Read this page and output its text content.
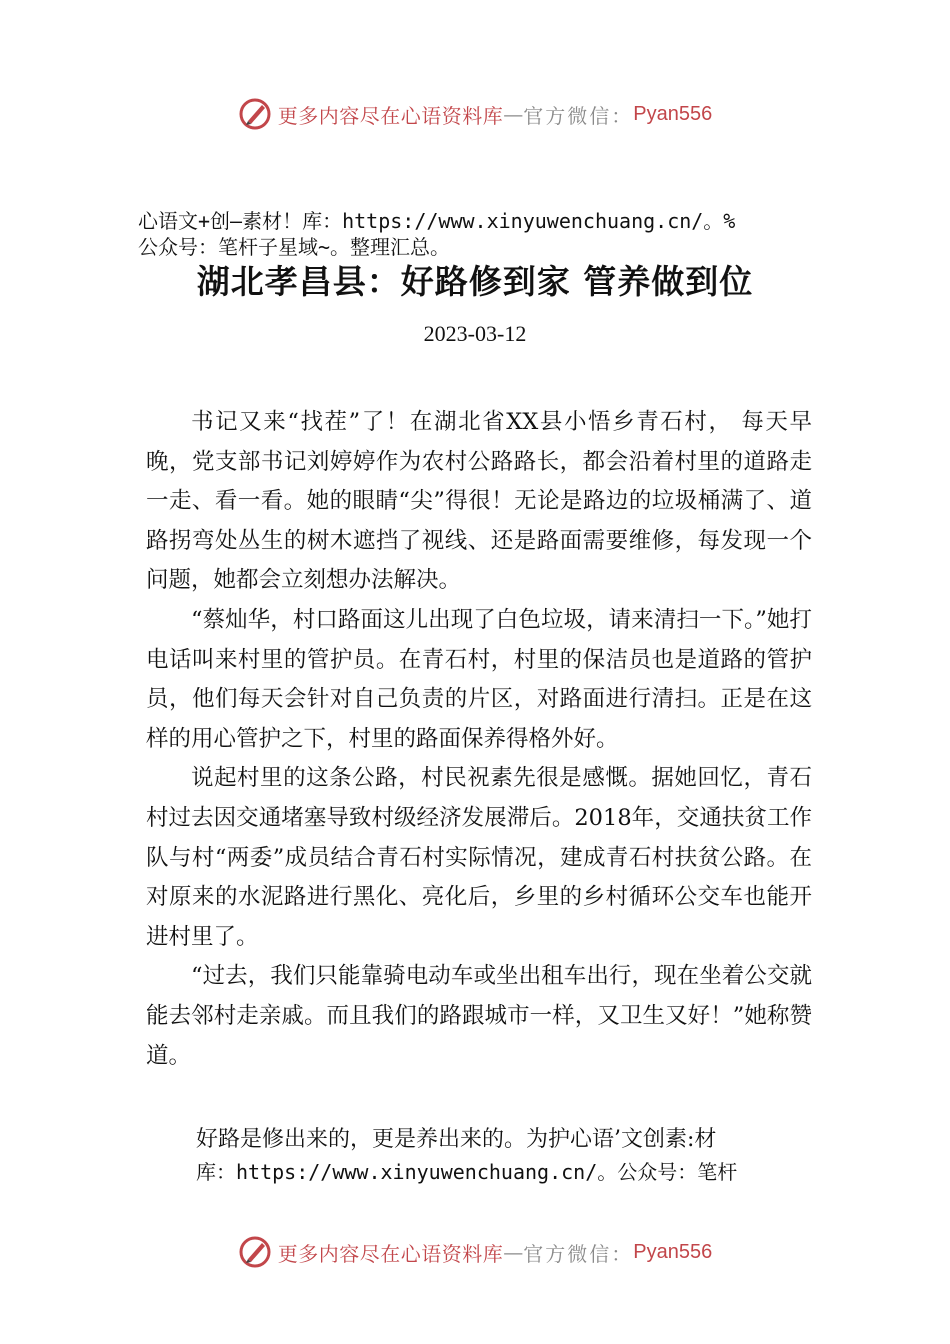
更多内容尽在心语资料库 — 官方微信： Pyan556
心语文+创—素材！库：https://www.xinyuwenchuang.cn/。%
公众号：笔杆子星域~。整理汇总。
湖北孝昌县：好路修到家 管养做到位
2023-03-12

书记又来“找茬”了！在湖北省XX县小悟乡青石村， 每天早晚，党支部书记刘婷婷作为农村公路路长，都会沿着村里的道路走一走、看一看。她的眼睛“尖”得很！无论是路边的垃圾桶满了、道路拐弯处丛生的树木遮挡了视线、还是路面需要维修，每发现一个问题，她都会立刻想办法解决。

“蔡灿华，村口路面这儿出现了白色垃圾，请来清扫一下。”她打电话叫来村里的管护员。在青石村，村里的保洁员也是道路的管护员，他们每天会针对自己负责的片区，对路面进行清扫。正是在这样的用心管护之下，村里的路面保养得格外好。

说起村里的这条公路，村民祝素先很是感慨。据她回忆，青石村过去因交通堵塞导致村级经济发展滞后。2018年，交通扶贫工作队与村“两委”成员结合青石村实际情况，建成青石村扶贫公路。在对原来的水泥路进行黑化、亮化后，乡里的乡村循环公交车也能开进村里了。

“过去，我们只能靠骑电动车或坐出租车出行，现在坐着公交就能去邻村走亲戚。而且我们的路跟城市一样，又卫生又好！”她称赞道。

好路是修出来的，更是养出来的。为护心语’文创素:材
库：https://www.xinyuwenchuang.cn/。公众号：笔杆
更多内容尽在心语资料库 — 官方微信： Pyan556
